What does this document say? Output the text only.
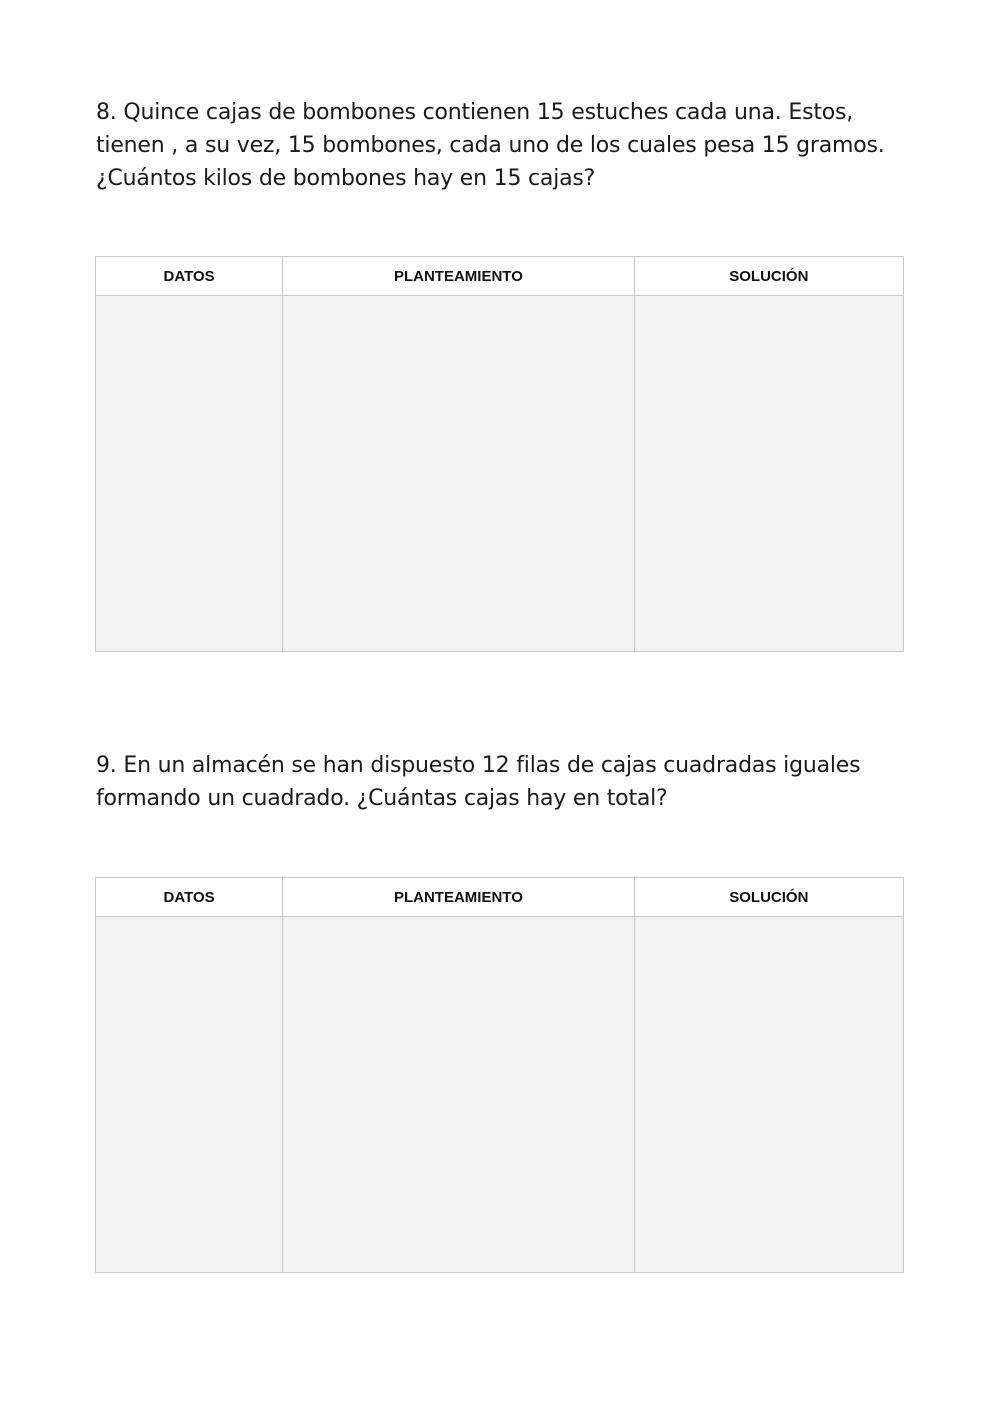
8. Quince cajas de bombones contienen 15 estuches cada una. Estos, tienen , a su vez, 15 bombones, cada uno de los cuales pesa 15 gramos. ¿Cuántos kilos de bombones hay en 15 cajas?

DATOS	PLANTEAMIENTO	SOLUCIÓN

9. En un almacén se han dispuesto 12 filas de cajas cuadradas iguales formando un cuadrado. ¿Cuántas cajas hay en total?

DATOS	PLANTEAMIENTO	SOLUCIÓN
